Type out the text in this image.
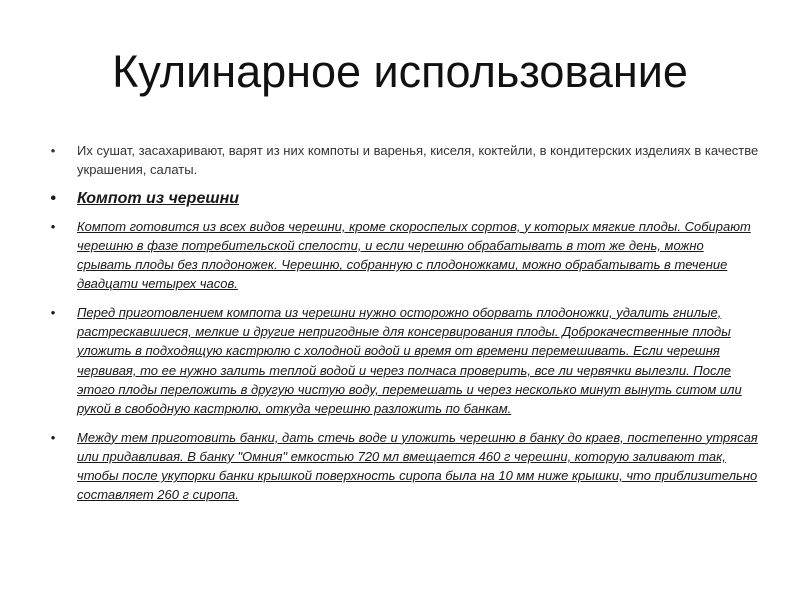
Кулинарное использование
• Их сушат, засахаривают, варят из них компоты и варенья, киселя, коктейли, в кондитерских изделиях в качестве украшения, салаты.
• Компот из черешни
• Компот готовится из всех видов черешни, кроме скороспелых сортов, у которых мягкие плоды. Собирают черешню в фазе потребительской спелости, и если черешню обрабатывать в тот же день, можно срывать плоды без плодоножек. Черешню, собранную с плодоножками, можно обрабатывать в течение двадцати четырех часов.
• Перед приготовлением компота из черешни нужно осторожно оборвать плодоножки, удалить гнилые, растрескавшиеся, мелкие и другие непригодные для консервирования плоды. Доброкачественные плоды уложить в подходящую кастрюлю с холодной водой и время от времени перемешивать. Если черешня червивая, то ее нужно залить теплой водой и через полчаса проверить, все ли червячки вылезли. После этого плоды переложить в другую чистую воду, перемешать и через несколько минут вынуть ситом или рукой в свободную кастрюлю, откуда черешню разложить по банкам.
• Между тем приготовить банки, дать стечь воде и уложить черешню в банку до краев, постепенно утрясая или придавливая. В банку "Омния" емкостью 720 мл вмещается 460 г черешни, которую заливают так, чтобы после укупорки банки крышкой поверхность сиропа была на 10 мм ниже крышки, что приблизительно составляет 260 г сиропа.
